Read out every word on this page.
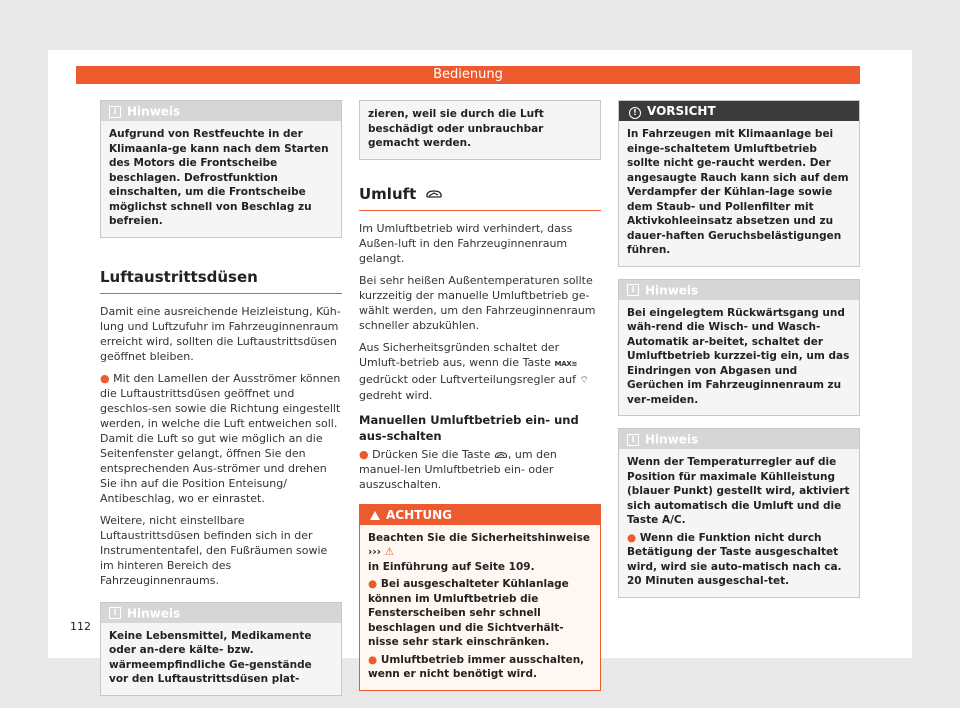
Bedienung
i Hinweis
Aufgrund von Restfeuchte in der Klimaanla-ge kann nach dem Starten des Motors die Frontscheibe beschlagen. Defrostfunktion einschalten, um die Frontscheibe möglichst schnell von Beschlag zu befreien.
Luftaustrittsdüsen

Damit eine ausreichende Heizleistung, Küh-lung und Luftzufuhr im Fahrzeuginnenraum erreicht wird, sollten die Luftaustrittsdüsen geöffnet bleiben.

● Mit den Lamellen der Ausströmer können die Luftaustrittsdüsen geöffnet und geschlos-sen sowie die Richtung eingestellt werden, in welche die Luft entweichen soll. Damit die Luft so gut wie möglich an die Seitenfenster gelangt, öffnen Sie den entsprechenden Aus-strömer und drehen Sie ihn auf die Position Enteisung/ Antibeschlag, wo er einrastet.

Weitere, nicht einstellbare Luftaustrittsdüsen befinden sich in der Instrumententafel, den Fußräumen sowie im hinteren Bereich des Fahrzeuginnenraums.

i Hinweis
Keine Lebensmittel, Medikamente oder an-dere kälte- bzw. wärmeempfindliche Ge-genstände vor den Luftaustrittsdüsen plat-
zieren, weil sie durch die Luft beschädigt oder unbrauchbar gemacht werden.
Umluft

Im Umluftbetrieb wird verhindert, dass Außen-luft in den Fahrzeuginnenraum gelangt.

Bei sehr heißen Außentemperaturen sollte kurzzeitig der manuelle Umluftbetrieb ge-wählt werden, um den Fahrzeuginnenraum schneller abzukühlen.

Aus Sicherheitsgründen schaltet der Umluft-betrieb aus, wenn die Taste MAX≋ gedrückt oder Luftverteilungsregler auf ⌔ gedreht wird.

Manuellen Umluftbetrieb ein- und aus-schalten

● Drücken Sie die Taste , um den manuel-len Umluftbetrieb ein- oder auszuschalten.

ACHTUNG
Beachten Sie die Sicherheitshinweise ››› ⚠
in Einführung auf Seite 109.
● Bei ausgeschalteter Kühlanlage können im Umluftbetrieb die Fensterscheiben sehr schnell beschlagen und die Sichtverhält-nisse sehr stark einschränken.
● Umluftbetrieb immer ausschalten, wenn er nicht benötigt wird.
! VORSICHT
In Fahrzeugen mit Klimaanlage bei einge-schaltetem Umluftbetrieb sollte nicht ge-raucht werden. Der angesaugte Rauch kann sich auf dem Verdampfer der Kühlan-lage sowie dem Staub- und Pollenfilter mit Aktivkohleeinsatz absetzen und zu dauer-haften Geruchsbelästigungen führen.
i Hinweis
Bei eingelegtem Rückwärtsgang und wäh-rend die Wisch- und Wasch-Automatik ar-beitet, schaltet der Umluftbetrieb kurzzei-tig ein, um das Eindringen von Abgasen und Gerüchen im Fahrzeuginnenraum zu ver-meiden.
i Hinweis
Wenn der Temperaturregler auf die Position für maximale Kühlleistung (blauer Punkt) gestellt wird, aktiviert sich automatisch die Umluft und die Taste A/C.
● Wenn die Funktion nicht durch Betätigung der Taste ausgeschaltet wird, wird sie auto-matisch nach ca. 20 Minuten ausgeschal-tet.
112
